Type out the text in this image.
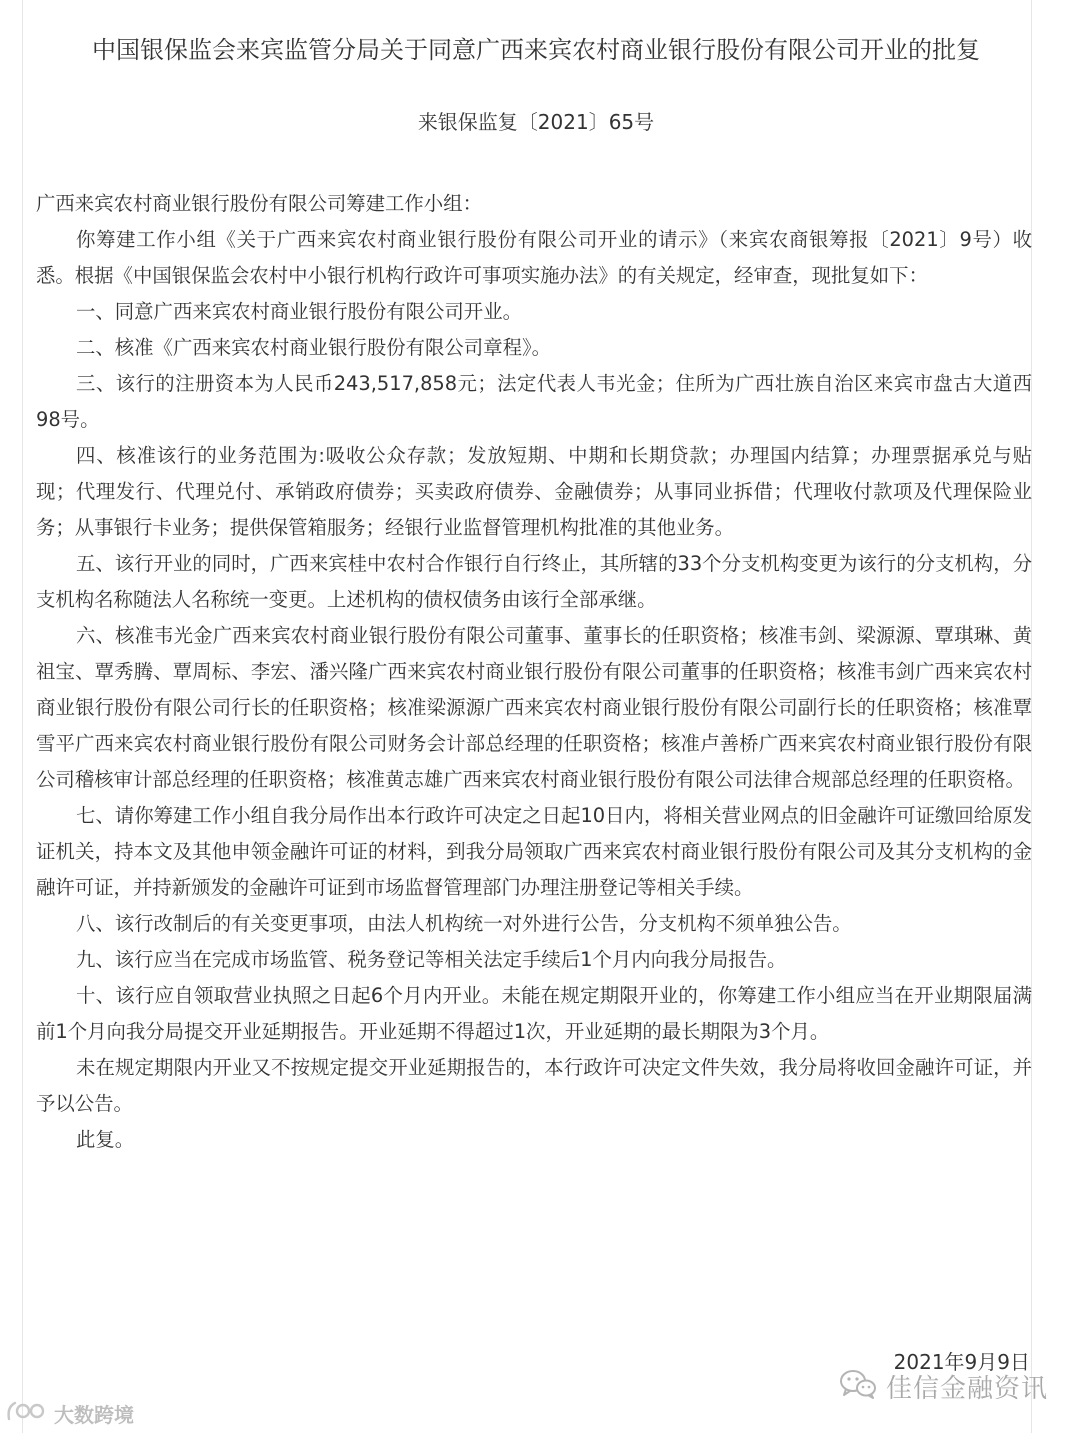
中国银保监会来宾监管分局关于同意广西来宾农村商业银行股份有限公司开业的批复
来银保监复〔2021〕65号

广西来宾农村商业银行股份有限公司筹建工作小组：

你筹建工作小组《关于广西来宾农村商业银行股份有限公司开业的请示》（来宾农商银筹报〔2021〕9号）收悉。根据《中国银保监会农村中小银行机构行政许可事项实施办法》的有关规定，经审查，现批复如下：

一、同意广西来宾农村商业银行股份有限公司开业。

二、核准《广西来宾农村商业银行股份有限公司章程》。

三、该行的注册资本为人民币243,517,858元；法定代表人韦光金；住所为广西壮族自治区来宾市盘古大道西98号。

四、核准该行的业务范围为:吸收公众存款；发放短期、中期和长期贷款；办理国内结算；办理票据承兑与贴现；代理发行、代理兑付、承销政府债券；买卖政府债券、金融债券；从事同业拆借；代理收付款项及代理保险业务；从事银行卡业务；提供保管箱服务；经银行业监督管理机构批准的其他业务。

五、该行开业的同时，广西来宾桂中农村合作银行自行终止，其所辖的33个分支机构变更为该行的分支机构，分支机构名称随法人名称统一变更。上述机构的债权债务由该行全部承继。

六、核准韦光金广西来宾农村商业银行股份有限公司董事、董事长的任职资格；核准韦剑、梁源源、覃琪琳、黄祖宝、覃秀腾、覃周标、李宏、潘兴隆广西来宾农村商业银行股份有限公司董事的任职资格；核准韦剑广西来宾农村商业银行股份有限公司行长的任职资格；核准梁源源广西来宾农村商业银行股份有限公司副行长的任职资格；核准覃雪平广西来宾农村商业银行股份有限公司财务会计部总经理的任职资格；核准卢善桥广西来宾农村商业银行股份有限公司稽核审计部总经理的任职资格；核准黄志雄广西来宾农村商业银行股份有限公司法律合规部总经理的任职资格。

七、请你筹建工作小组自我分局作出本行政许可决定之日起10日内，将相关营业网点的旧金融许可证缴回给原发证机关，持本文及其他申领金融许可证的材料，到我分局领取广西来宾农村商业银行股份有限公司及其分支机构的金融许可证，并持新颁发的金融许可证到市场监督管理部门办理注册登记等相关手续。

八、该行改制后的有关变更事项，由法人机构统一对外进行公告，分支机构不须单独公告。

九、该行应当在完成市场监管、税务登记等相关法定手续后1个月内向我分局报告。

十、该行应自领取营业执照之日起6个月内开业。未能在规定期限开业的，你筹建工作小组应当在开业期限届满前1个月向我分局提交开业延期报告。开业延期不得超过1次，开业延期的最长期限为3个月。

未在规定期限内开业又不按规定提交开业延期报告的，本行政许可决定文件失效，我分局将收回金融许可证，并予以公告。

此复。

2021年9月9日
佳信金融资讯
大数跨境
